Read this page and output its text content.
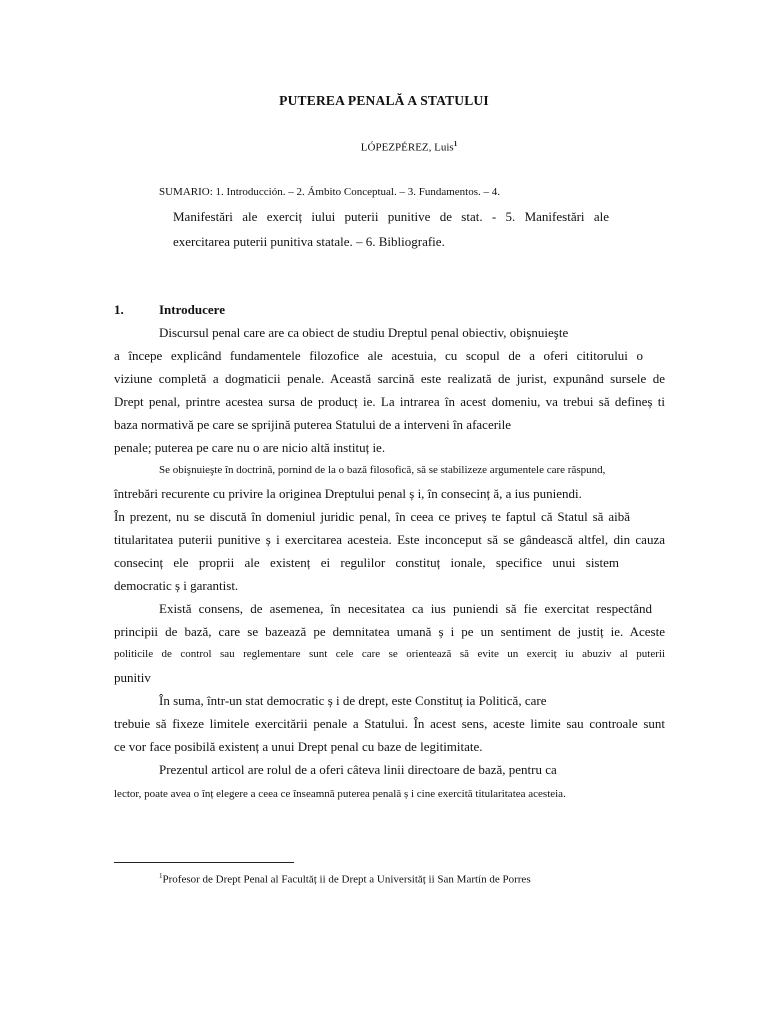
PUTEREA PENALĂ A STATULUI
LÓPEZPÉREZ, Luis$^1$
SUMARIO: 1. Introducción. – 2. Ámbito Conceptual. – 3. Fundamentos. – 4.
Manifestări ale exerciț iului puterii punitive de stat. - 5. Manifestări ale
exercitarea puterii punitiva statale. – 6. Bibliografie.
1.	Introducere
Discursul penal care are ca obiect de studiu Dreptul penal obiectiv, obişnuieşte
a începe explicând fundamentele filozofice ale acestuia, cu scopul de a oferi cititorului o
viziune completă a dogmaticii penale. Această sarcină este realizată de jurist, expunând sursele de
Drept penal, printre acestea sursa de producț ie. La intrarea în acest domeniu, va trebui să defineș ti
baza normativă pe care se sprijină puterea Statului de a interveni în afacerile
penale; puterea pe care nu o are nicio altă instituț ie.
Se obişnuieşte în doctrină, pornind de la o bază filosofică, să se stabilizeze argumentele care răspund,
întrebări recurente cu privire la originea Dreptului penal ș i, în consecinț ă, a ius puniendi.
În prezent, nu se discută în domeniul juridic penal, în ceea ce priveș te faptul că Statul să aibă
titularitatea puterii punitive ș i exercitarea acesteia. Este inconceput să se gândească altfel, din cauza
consecinț ele proprii ale existenț ei regulilor constituț ionale, specifice unui sistem
democratic ș i garantist.
Există consens, de asemenea, în necesitatea ca ius puniendi să fie exercitat respectând
principii de bază, care se bazează pe demnitatea umană ș i pe un sentiment de justiț ie. Aceste
politicile de control sau reglementare sunt cele care se orientează să evite un exerciț iu abuziv al puterii
punitiv
În suma, într-un stat democratic ș i de drept, este Constituț ia Politică, care
trebuie să fixeze limitele exercitării penale a Statului. În acest sens, aceste limite sau controale sunt
ce vor face posibilă existenț a unui Drept penal cu baze de legitimitate.
Prezentul articol are rolul de a oferi câteva linii directoare de bază, pentru ca
lector, poate avea o înț elegere a ceea ce înseamnă puterea penală ș i cine exercită titularitatea acesteia.
$^1$Profesor de Drept Penal al Facultăț ii de Drept a Universităț ii San Martín de Porres
